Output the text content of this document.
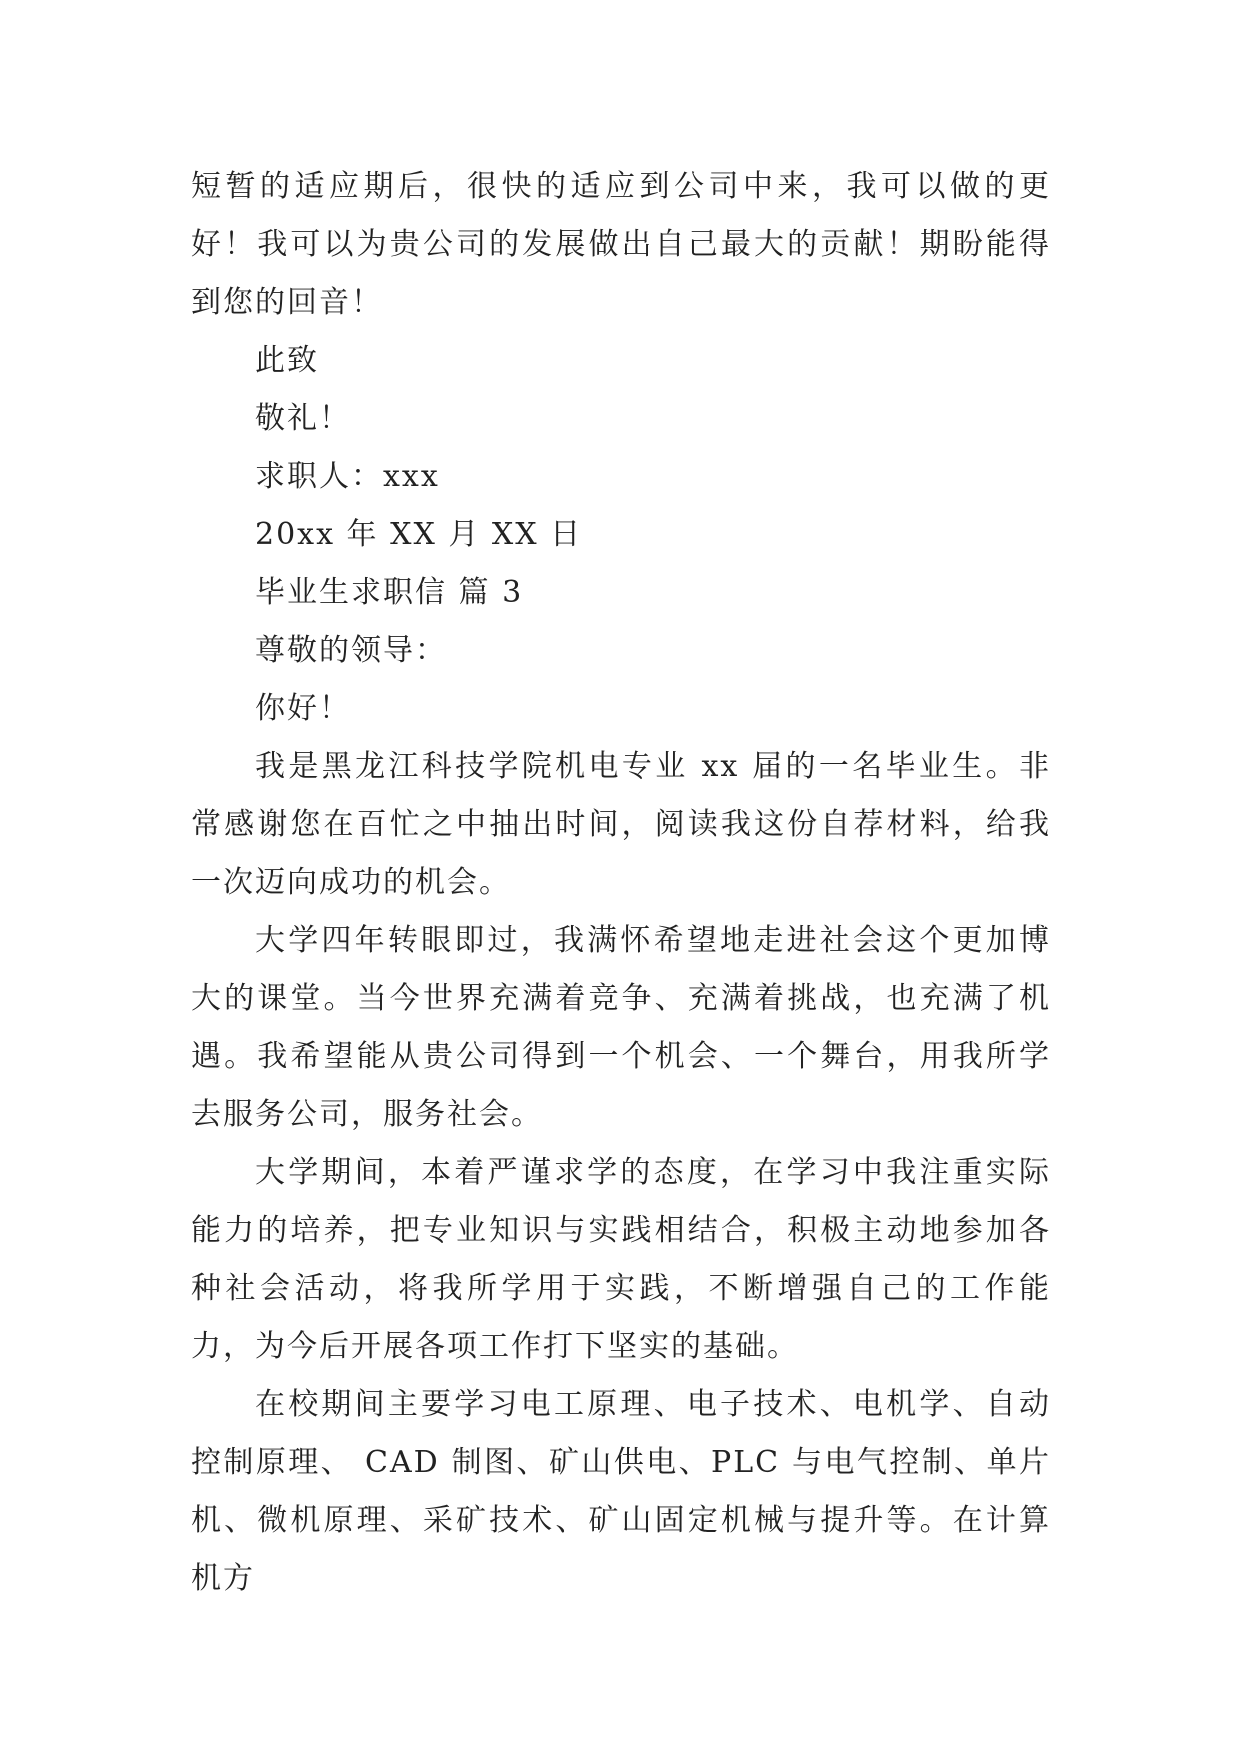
短暂的适应期后，很快的适应到公司中来，我可以做的更好！我可以为贵公司的发展做出自己最大的贡献！期盼能得到您的回音！

此致

敬礼！

求职人：xxx

20xx 年 XX 月 XX 日

毕业生求职信 篇 3

尊敬的领导：

你好！

我是黑龙江科技学院机电专业 xx 届的一名毕业生。非常感谢您在百忙之中抽出时间，阅读我这份自荐材料，给我一次迈向成功的机会。

大学四年转眼即过，我满怀希望地走进社会这个更加博大的课堂。当今世界充满着竞争、充满着挑战，也充满了机遇。我希望能从贵公司得到一个机会、一个舞台，用我所学去服务公司，服务社会。

大学期间，本着严谨求学的态度，在学习中我注重实际能力的培养，把专业知识与实践相结合，积极主动地参加各种社会活动，将我所学用于实践，不断增强自己的工作能力，为今后开展各项工作打下坚实的基础。

在校期间主要学习电工原理、电子技术、电机学、自动控制原理、 CAD 制图、矿山供电、PLC 与电气控制、单片机、微机原理、采矿技术、矿山固定机械与提升等。在计算机方
